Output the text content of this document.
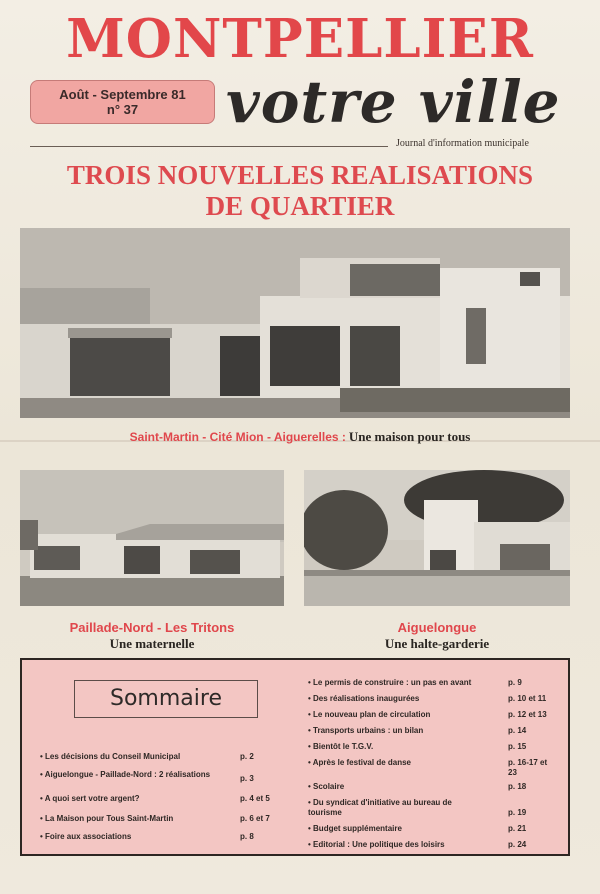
MONTPELLIER
Août - Septembre 81
n° 37	votre ville
Journal d'information municipale
TROIS NOUVELLES REALISATIONS
DE QUARTIER
Saint-Martin - Cité Mion - Aiguerelles : Une maison pour tous
Paillade-Nord - Les Tritons
Une maternelle
Aiguelongue
Une halte-garderie
Sommaire
• Les décisions du Conseil Municipal	p. 2
• Aiguelongue - Paillade-Nord : 2 réalisations	p. 3
• A quoi sert votre argent?	p. 4 et 5
• La Maison pour Tous Saint-Martin	p. 6 et 7
• Foire aux associations	p. 8
• Le permis de construire : un pas en avant	p. 9
• Des réalisations inaugurées	p. 10 et 11
• Le nouveau plan de circulation	p. 12 et 13
• Transports urbains : un bilan	p. 14
• Bientôt le T.G.V.	p. 15
• Après le festival de danse	p. 16-17 et 23
• Scolaire	p. 18
• Du syndicat d'initiative au bureau de tourisme	p. 19
• Budget supplémentaire	p. 21
• Editorial : Une politique des loisirs	p. 24
